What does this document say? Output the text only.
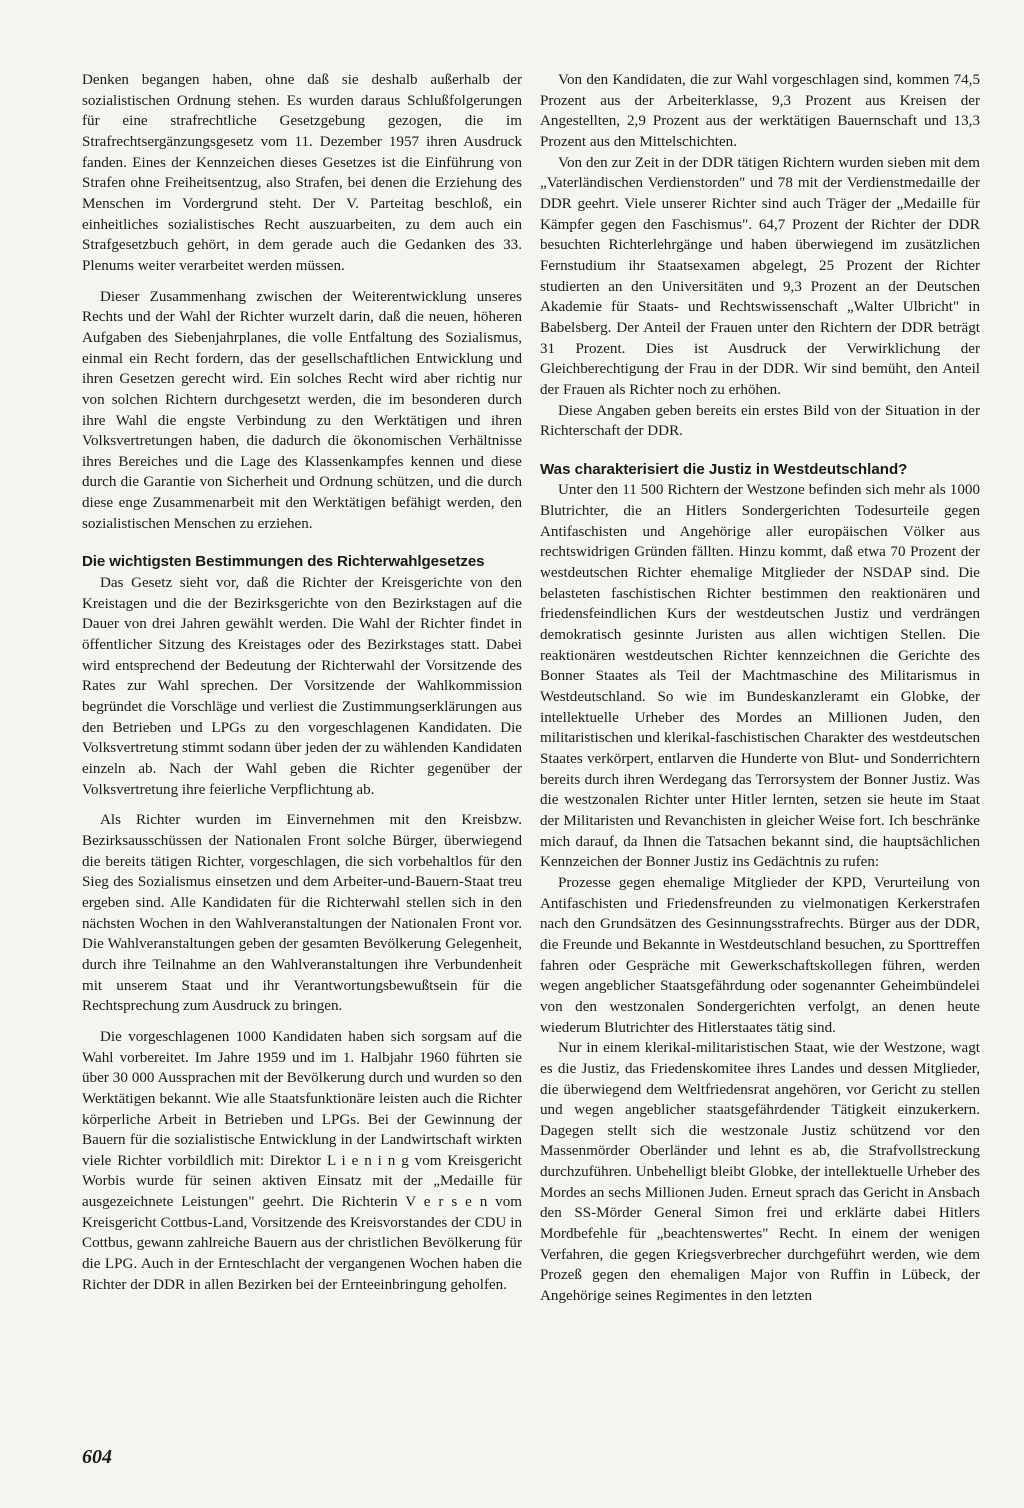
Denken begangen haben, ohne daß sie deshalb außerhalb der sozialistischen Ordnung stehen. Es wurden daraus Schlußfolgerungen für eine strafrechtliche Gesetzgebung gezogen, die im Strafrechtsergänzungsgesetz vom 11. Dezember 1957 ihren Ausdruck fanden. Eines der Kennzeichen dieses Gesetzes ist die Einführung von Strafen ohne Freiheitsentzug, also Strafen, bei denen die Erziehung des Menschen im Vordergrund steht. Der V. Parteitag beschloß, ein einheitliches sozialistisches Recht auszuarbeiten, zu dem auch ein Strafgesetzbuch gehört, in dem gerade auch die Gedanken des 33. Plenums weiter verarbeitet werden müssen.

Dieser Zusammenhang zwischen der Weiterentwicklung unseres Rechts und der Wahl der Richter wurzelt darin, daß die neuen, höheren Aufgaben des Siebenjahrplanes, die volle Entfaltung des Sozialismus, einmal ein Recht fordern, das der gesellschaftlichen Entwicklung und ihren Gesetzen gerecht wird. Ein solches Recht wird aber richtig nur von solchen Richtern durchgesetzt werden, die im besonderen durch ihre Wahl die engste Verbindung zu den Werktätigen und ihren Volksvertretungen haben, die dadurch die ökonomischen Verhältnisse ihres Bereiches und die Lage des Klassenkampfes kennen und diese durch die Garantie von Sicherheit und Ordnung schützen, und die durch diese enge Zusammenarbeit mit den Werktätigen befähigt werden, den sozialistischen Menschen zu erziehen.

Die wichtigsten Bestimmungen des Richterwahlgesetzes

Das Gesetz sieht vor, daß die Richter der Kreisgerichte von den Kreistagen und die der Bezirksgerichte von den Bezirkstagen auf die Dauer von drei Jahren gewählt werden. Die Wahl der Richter findet in öffentlicher Sitzung des Kreistages oder des Bezirkstages statt. Dabei wird entsprechend der Bedeutung der Richterwahl der Vorsitzende des Rates zur Wahl sprechen. Der Vorsitzende der Wahlkommission begründet die Vorschläge und verliest die Zustimmungserklärungen aus den Betrieben und LPGs zu den vorgeschlagenen Kandidaten. Die Volksvertretung stimmt sodann über jeden der zu wählenden Kandidaten einzeln ab. Nach der Wahl geben die Richter gegenüber der Volksvertretung ihre feierliche Verpflichtung ab.

Als Richter wurden im Einvernehmen mit den Kreisbzw. Bezirksausschüssen der Nationalen Front solche Bürger, überwiegend die bereits tätigen Richter, vorgeschlagen, die sich vorbehaltlos für den Sieg des Sozialismus einsetzen und dem Arbeiter-und-Bauern-Staat treu ergeben sind. Alle Kandidaten für die Richterwahl stellen sich in den nächsten Wochen in den Wahlveranstaltungen der Nationalen Front vor. Die Wahlveranstaltungen geben der gesamten Bevölkerung Gelegenheit, durch ihre Teilnahme an den Wahlveranstaltungen ihre Verbundenheit mit unserem Staat und ihr Verantwortungsbewußtsein für die Rechtsprechung zum Ausdruck zu bringen.

Die vorgeschlagenen 1000 Kandidaten haben sich sorgsam auf die Wahl vorbereitet. Im Jahre 1959 und im 1. Halbjahr 1960 führten sie über 30 000 Aussprachen mit der Bevölkerung durch und wurden so den Werktätigen bekannt. Wie alle Staatsfunktionäre leisten auch die Richter körperliche Arbeit in Betrieben und LPGs. Bei der Gewinnung der Bauern für die sozialistische Entwicklung in der Landwirtschaft wirkten viele Richter vorbildlich mit: Direktor L i e n i n g vom Kreisgericht Worbis wurde für seinen aktiven Einsatz mit der „Medaille für ausgezeichnete Leistungen" geehrt. Die Richterin V e r s e n vom Kreisgericht Cottbus-Land, Vorsitzende des Kreisvorstandes der CDU in Cottbus, gewann zahlreiche Bauern aus der christlichen Bevölkerung für die LPG. Auch in der Ernteschlacht der vergangenen Wochen haben die Richter der DDR in allen Bezirken bei der Ernteeinbringung geholfen.

Von den Kandidaten, die zur Wahl vorgeschlagen sind, kommen 74,5 Prozent aus der Arbeiterklasse, 9,3 Prozent aus Kreisen der Angestellten, 2,9 Prozent aus der werktätigen Bauernschaft und 13,3 Prozent aus den Mittelschichten.

Von den zur Zeit in der DDR tätigen Richtern wurden sieben mit dem „Vaterländischen Verdienstorden" und 78 mit der Verdienstmedaille der DDR geehrt. Viele unserer Richter sind auch Träger der „Medaille für Kämpfer gegen den Faschismus". 64,7 Prozent der Richter der DDR besuchten Richterlehrgänge und haben überwiegend im zusätzlichen Fernstudium ihr Staatsexamen abgelegt, 25 Prozent der Richter studierten an den Universitäten und 9,3 Prozent an der Deutschen Akademie für Staats- und Rechtswissenschaft „Walter Ulbricht" in Babelsberg. Der Anteil der Frauen unter den Richtern der DDR beträgt 31 Prozent. Dies ist Ausdruck der Verwirklichung der Gleichberechtigung der Frau in der DDR. Wir sind bemüht, den Anteil der Frauen als Richter noch zu erhöhen.

Diese Angaben geben bereits ein erstes Bild von der Situation in der Richterschaft der DDR.

Was charakterisiert die Justiz in Westdeutschland?

Unter den 11 500 Richtern der Westzone befinden sich mehr als 1000 Blutrichter, die an Hitlers Sondergerichten Todesurteile gegen Antifaschisten und Angehörige aller europäischen Völker aus rechtswidrigen Gründen fällten. Hinzu kommt, daß etwa 70 Prozent der westdeutschen Richter ehemalige Mitglieder der NSDAP sind. Die belasteten faschistischen Richter bestimmen den reaktionären und friedensfeindlichen Kurs der westdeutschen Justiz und verdrängen demokratisch gesinnte Juristen aus allen wichtigen Stellen. Die reaktionären westdeutschen Richter kennzeichnen die Gerichte des Bonner Staates als Teil der Machtmaschine des Militarismus in Westdeutschland. So wie im Bundeskanzleramt ein Globke, der intellektuelle Urheber des Mordes an Millionen Juden, den militaristischen und klerikal-faschistischen Charakter des westdeutschen Staates verkörpert, entlarven die Hunderte von Blut- und Sonderrichtern bereits durch ihren Werdegang das Terrorsystem der Bonner Justiz. Was die westzonalen Richter unter Hitler lernten, setzen sie heute im Staat der Militaristen und Revanchisten in gleicher Weise fort. Ich beschränke mich darauf, da Ihnen die Tatsachen bekannt sind, die hauptsächlichen Kennzeichen der Bonner Justiz ins Gedächtnis zu rufen:

Prozesse gegen ehemalige Mitglieder der KPD, Verurteilung von Antifaschisten und Friedensfreunden zu vielmonatigen Kerkerstrafen nach den Grundsätzen des Gesinnungsstrafrechts. Bürger aus der DDR, die Freunde und Bekannte in Westdeutschland besuchen, zu Sporttreffen fahren oder Gespräche mit Gewerkschaftskollegen führen, werden wegen angeblicher Staatsgefährdung oder sogenannter Geheimbündelei von den westzonalen Sondergerichten verfolgt, an denen heute wiederum Blutrichter des Hitlerstaates tätig sind.

Nur in einem klerikal-militaristischen Staat, wie der Westzone, wagt es die Justiz, das Friedenskomitee ihres Landes und dessen Mitglieder, die überwiegend dem Weltfriedensrat angehören, vor Gericht zu stellen und wegen angeblicher staatsgefährdender Tätigkeit einzukerkern. Dagegen stellt sich die westzonale Justiz schützend vor den Massenmörder Oberländer und lehnt es ab, die Strafvollstreckung durchzuführen. Unbehelligt bleibt Globke, der intellektuelle Urheber des Mordes an sechs Millionen Juden. Erneut sprach das Gericht in Ansbach den SS-Mörder General Simon frei und erklärte dabei Hitlers Mordbefehle für „beachtenswertes" Recht. In einem der wenigen Verfahren, die gegen Kriegsverbrecher durchgeführt werden, wie dem Prozeß gegen den ehemaligen Major von Ruffin in Lübeck, der Angehörige seines Regimentes in den letzten

604
